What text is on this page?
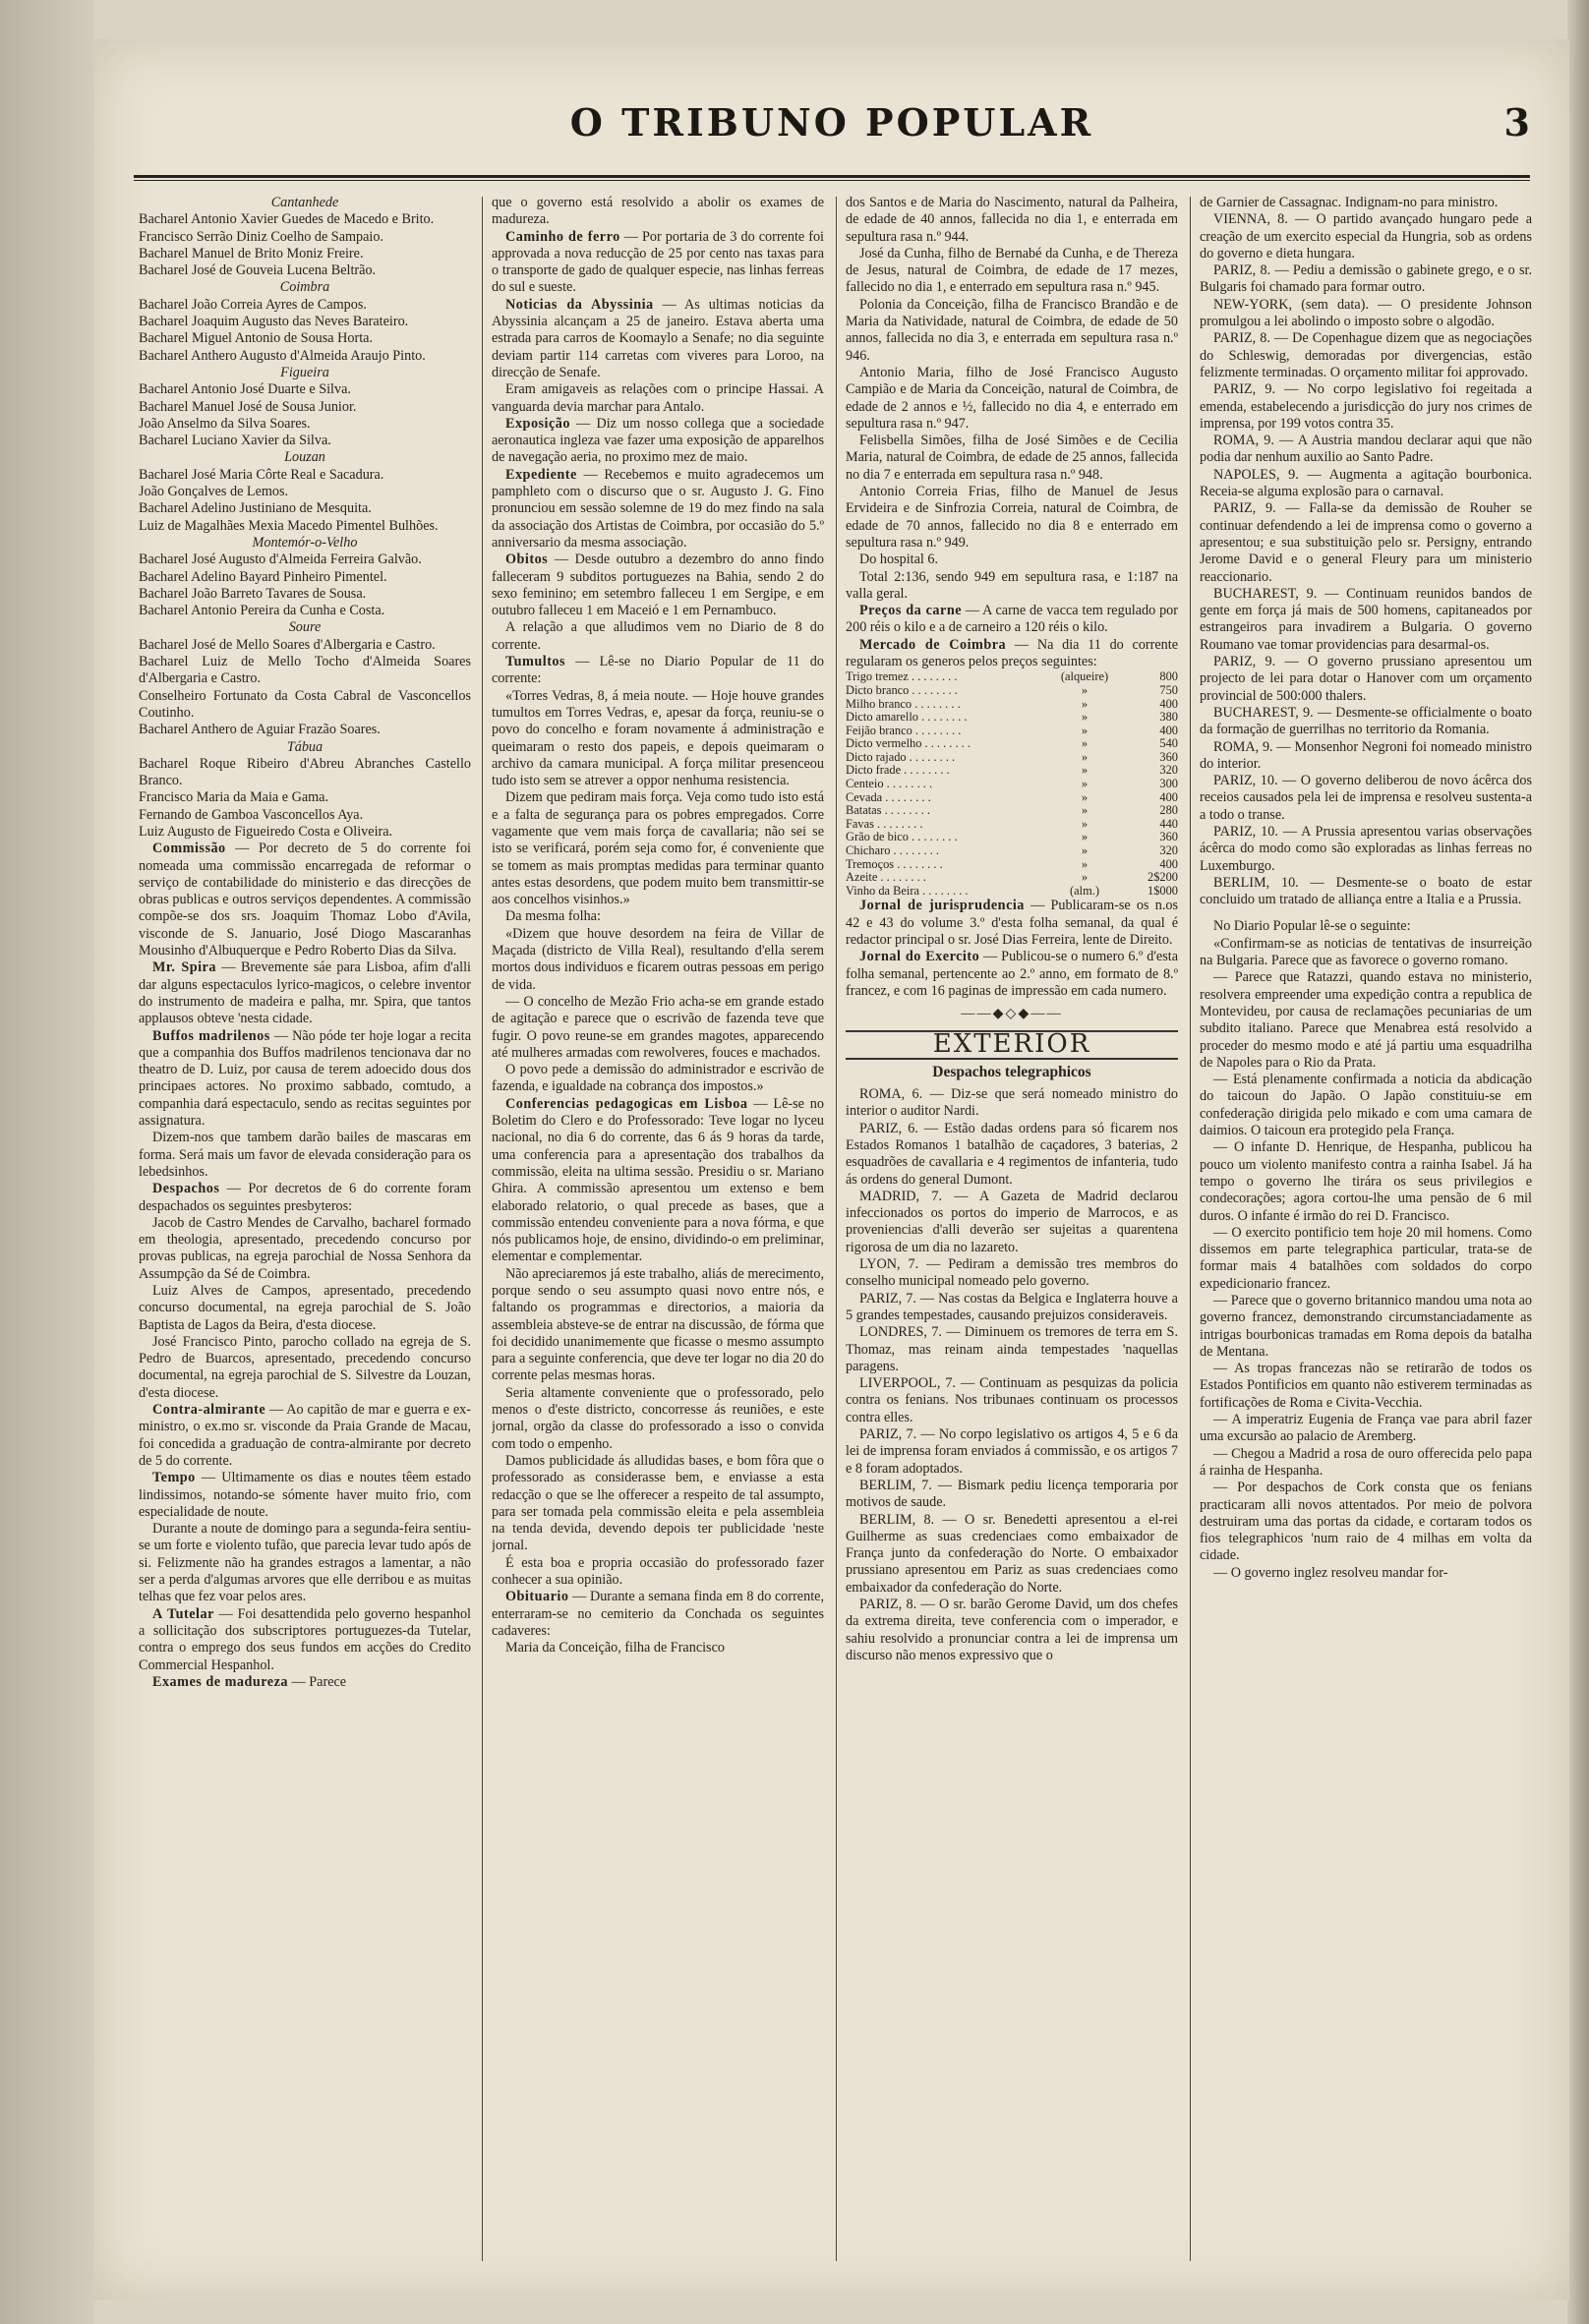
O TRIBUNO POPULAR	3

Cantanhede

Bacharel Antonio Xavier Guedes de Macedo e Brito.

Francisco Serrão Diniz Coelho de Sampaio.

Bacharel Manuel de Brito Moniz Freire.

Bacharel José de Gouveia Lucena Beltrão.

Coimbra

Bacharel João Correia Ayres de Campos.

Bacharel Joaquim Augusto das Neves Barateiro.

Bacharel Miguel Antonio de Sousa Horta.

Bacharel Anthero Augusto d'Almeida Araujo Pinto.

Figueira

Bacharel Antonio José Duarte e Silva.

Bacharel Manuel José de Sousa Junior.

João Anselmo da Silva Soares.

Bacharel Luciano Xavier da Silva.

Louzan

Bacharel José Maria Côrte Real e Sacadura.

João Gonçalves de Lemos.

Bacharel Adelino Justiniano de Mesquita.

Luiz de Magalhães Mexia Macedo Pimentel Bulhões.

Montemór-o-Velho

Bacharel José Augusto d'Almeida Ferreira Galvão.

Bacharel Adelino Bayard Pinheiro Pimentel.

Bacharel João Barreto Tavares de Sousa.

Bacharel Antonio Pereira da Cunha e Costa.

Soure

Bacharel José de Mello Soares d'Albergaria e Castro.

Bacharel Luiz de Mello Tocho d'Almeida Soares d'Albergaria e Castro.

Conselheiro Fortunato da Costa Cabral de Vasconcellos Coutinho.

Bacharel Anthero de Aguiar Frazão Soares.

Tábua

Bacharel Roque Ribeiro d'Abreu Abranches Castello Branco.

Francisco Maria da Maia e Gama.

Fernando de Gamboa Vasconcellos Aya.

Luiz Augusto de Figueiredo Costa e Oliveira.

Commissão — Por decreto de 5 do corrente foi nomeada uma commissão encarregada de reformar o serviço de contabilidade do ministerio e das direcções de obras publicas e outros serviços dependentes. A commissão compõe-se dos srs. Joaquim Thomaz Lobo d'Avila, visconde de S. Januario, José Diogo Mascaranhas Mousinho d'Albuquerque e Pedro Roberto Dias da Silva.

Mr. Spira — Brevemente sáe para Lisboa, afim d'alli dar alguns espectaculos lyrico-magicos, o celebre inventor do instrumento de madeira e palha, mr. Spira, que tantos applausos obteve 'nesta cidade.

Buffos madrilenos — Não póde ter hoje logar a recita que a companhia dos Buffos madrilenos tencionava dar no theatro de D. Luiz, por causa de terem adoecido dous dos principaes actores. No proximo sabbado, comtudo, a companhia dará espectaculo, sendo as recitas seguintes por assignatura.

Dizem-nos que tambem darão bailes de mascaras em forma. Será mais um favor de elevada consideração para os lebedsinhos.

Despachos — Por decretos de 6 do corrente foram despachados os seguintes presbyteros:

Jacob de Castro Mendes de Carvalho, bacharel formado em theologia, apresentado, precedendo concurso por provas publicas, na egreja parochial de Nossa Senhora da Assumpção da Sé de Coimbra.

Luiz Alves de Campos, apresentado, precedendo concurso documental, na egreja parochial de S. João Baptista de Lagos da Beira, d'esta diocese.

José Francisco Pinto, parocho collado na egreja de S. Pedro de Buarcos, apresentado, precedendo concurso documental, na egreja parochial de S. Silvestre da Louzan, d'esta diocese.

Contra-almirante — Ao capitão de mar e guerra e ex-ministro, o ex.mo sr. visconde da Praia Grande de Macau, foi concedida a graduação de contra-almirante por decreto de 5 do corrente.

Tempo — Ultimamente os dias e noutes têem estado lindissimos, notando-se sómente haver muito frio, com especialidade de noute.

Durante a noute de domingo para a segunda-feira sentiu-se um forte e violento tufão, que parecia levar tudo após de si. Felizmente não ha grandes estragos a lamentar, a não ser a perda d'algumas arvores que elle derribou e as muitas telhas que fez voar pelos ares.

A Tutelar — Foi desattendida pelo governo hespanhol a sollicitação dos subscriptores portuguezes-da Tutelar, contra o emprego dos seus fundos em acções do Credito Commercial Hespanhol.

Exames de madureza — Parece

que o governo está resolvido a abolir os exames de madureza.

Caminho de ferro — Por portaria de 3 do corrente foi approvada a nova reducção de 25 por cento nas taxas para o transporte de gado de qualquer especie, nas linhas ferreas do sul e sueste.

Noticias da Abyssinia — As ultimas noticias da Abyssinia alcançam a 25 de janeiro. Estava aberta uma estrada para carros de Koomaylo a Senafe; no dia seguinte deviam partir 114 carretas com viveres para Loroo, na direcção de Senafe.

Eram amigaveis as relações com o principe Hassai. A vanguarda devia marchar para Antalo.

Exposição — Diz um nosso collega que a sociedade aeronautica ingleza vae fazer uma exposição de apparelhos de navegação aeria, no proximo mez de maio.

Expediente — Recebemos e muito agradecemos um pamphleto com o discurso que o sr. Augusto J. G. Fino pronunciou em sessão solemne de 19 do mez findo na sala da associação dos Artistas de Coimbra, por occasião do 5.º anniversario da mesma associação.

Obitos — Desde outubro a dezembro do anno findo falleceram 9 subditos portuguezes na Bahia, sendo 2 do sexo feminino; em setembro falleceu 1 em Sergipe, e em outubro falleceu 1 em Maceió e 1 em Pernambuco.

A relação a que alludimos vem no Diario de 8 do corrente.

Tumultos — Lê-se no Diario Popular de 11 do corrente:

«Torres Vedras, 8, á meia noute. — Hoje houve grandes tumultos em Torres Vedras, e, apesar da força, reuniu-se o povo do concelho e foram novamente á administração e queimaram o resto dos papeis, e depois queimaram o archivo da camara municipal. A força militar presenceou tudo isto sem se atrever a oppor nenhuma resistencia.

Dizem que pediram mais força. Veja como tudo isto está e a falta de segurança para os pobres empregados. Corre vagamente que vem mais força de cavallaria; não sei se isto se verificará, porém seja como for, é conveniente que se tomem as mais promptas medidas para terminar quanto antes estas desordens, que podem muito bem transmittir-se aos concelhos visinhos.»

Da mesma folha:

«Dizem que houve desordem na feira de Villar de Maçada (districto de Villa Real), resultando d'ella serem mortos dous individuos e ficarem outras pessoas em perigo de vida.

— O concelho de Mezão Frio acha-se em grande estado de agitação e parece que o escrivão de fazenda teve que fugir. O povo reune-se em grandes magotes, apparecendo até mulheres armadas com rewolveres, fouces e machados.

O povo pede a demissão do administrador e escrivão de fazenda, e igualdade na cobrança dos impostos.»

Conferencias pedagogicas em Lisboa — Lê-se no Boletim do Clero e do Professorado: Teve logar no lyceu nacional, no dia 6 do corrente, das 6 ás 9 horas da tarde, uma conferencia para a apresentação dos trabalhos da commissão, eleita na ultima sessão. Presidiu o sr. Mariano Ghira. A commissão apresentou um extenso e bem elaborado relatorio, o qual precede as bases, que a commissão entendeu conveniente para a nova fórma, e que nós publicamos hoje, de ensino, dividindo-o em preliminar, elementar e complementar.

Não apreciaremos já este trabalho, aliás de merecimento, porque sendo o seu assumpto quasi novo entre nós, e faltando os programmas e directorios, a maioria da assembleia absteve-se de entrar na discussão, de fórma que foi decidido unanimemente que ficasse o mesmo assumpto para a seguinte conferencia, que deve ter logar no dia 20 do corrente pelas mesmas horas.

Seria altamente conveniente que o professorado, pelo menos o d'este districto, concorresse ás reuniões, e este jornal, orgão da classe do professorado a isso o convida com todo o empenho.

Damos publicidade ás alludidas bases, e bom fôra que o professorado as considerasse bem, e enviasse a esta redacção o que se lhe offerecer a respeito de tal assumpto, para ser tomada pela commissão eleita e pela assembleia na tenda devida, devendo depois ter publicidade 'neste jornal.

É esta boa e propria occasião do professorado fazer conhecer a sua opinião.

Obituario — Durante a semana finda em 8 do corrente, enterraram-se no cemiterio da Conchada os seguintes cadaveres:

Maria da Conceição, filha de Francisco

dos Santos e de Maria do Nascimento, natural da Palheira, de edade de 40 annos, fallecida no dia 1, e enterrada em sepultura rasa n.º 944.

José da Cunha, filho de Bernabé da Cunha, e de Thereza de Jesus, natural de Coimbra, de edade de 17 mezes, fallecido no dia 1, e enterrado em sepultura rasa n.º 945.

Polonia da Conceição, filha de Francisco Brandão e de Maria da Natividade, natural de Coimbra, de edade de 50 annos, fallecida no dia 3, e enterrada em sepultura rasa n.º 946.

Antonio Maria, filho de José Francisco Augusto Campião e de Maria da Conceição, natural de Coimbra, de edade de 2 annos e ½, fallecido no dia 4, e enterrado em sepultura rasa n.º 947.

Felisbella Simões, filha de José Simões e de Cecilia Maria, natural de Coimbra, de edade de 25 annos, fallecida no dia 7 e enterrada em sepultura rasa n.º 948.

Antonio Correia Frias, filho de Manuel de Jesus Ervideira e de Sinfrozia Correia, natural de Coimbra, de edade de 70 annos, fallecido no dia 8 e enterrado em sepultura rasa n.º 949.

Do hospital 6.

Total 2:136, sendo 949 em sepultura rasa, e 1:187 na valla geral.

Preços da carne — A carne de vacca tem regulado por 200 réis o kilo e a de carneiro a 120 réis o kilo.

Mercado de Coimbra — Na dia 11 do corrente regularam os generos pelos preços seguintes:

Trigo tremez . . . . . . . .	(alqueire)	800
Dicto branco . . . . . . . .	»	750
Milho branco . . . . . . . .	»	400
Dicto amarello . . . . . . . .	»	380
Feijão branco . . . . . . . .	»	400
Dicto vermelho . . . . . . . .	»	540
Dicto rajado . . . . . . . .	»	360
Dicto frade . . . . . . . .	»	320
Centeio . . . . . . . .	»	300
Cevada . . . . . . . .	»	400
Batatas . . . . . . . .	»	280
Favas . . . . . . . .	»	440
Grão de bico . . . . . . . .	»	360
Chicharo . . . . . . . .	»	320
Tremoços . . . . . . . .	»	400
Azeite . . . . . . . .	»	2$200
Vinho da Beira . . . . . . . .	(alm.)	1$000

Jornal de jurisprudencia — Publicaram-se os n.os 42 e 43 do volume 3.º d'esta folha semanal, da qual é redactor principal o sr. José Dias Ferreira, lente de Direito.

Jornal do Exercito — Publicou-se o numero 6.º d'esta folha semanal, pertencente ao 2.º anno, em formato de 8.º francez, e com 16 paginas de impressão em cada numero.

——◆◇◆——
EXTERIOR
Despachos telegraphicos

ROMA, 6. — Diz-se que será nomeado ministro do interior o auditor Nardi.

PARIZ, 6. — Estão dadas ordens para só ficarem nos Estados Romanos 1 batalhão de caçadores, 3 baterias, 2 esquadrões de cavallaria e 4 regimentos de infanteria, tudo ás ordens do general Dumont.

MADRID, 7. — A Gazeta de Madrid declarou infeccionados os portos do imperio de Marrocos, e as proveniencias d'alli deverão ser sujeitas a quarentena rigorosa de um dia no lazareto.

LYON, 7. — Pediram a demissão tres membros do conselho municipal nomeado pelo governo.

PARIZ, 7. — Nas costas da Belgica e Inglaterra houve a 5 grandes tempestades, causando prejuizos consideraveis.

LONDRES, 7. — Diminuem os tremores de terra em S. Thomaz, mas reinam ainda tempestades 'naquellas paragens.

LIVERPOOL, 7. — Continuam as pesquizas da policia contra os fenians. Nos tribunaes continuam os processos contra elles.

PARIZ, 7. — No corpo legislativo os artigos 4, 5 e 6 da lei de imprensa foram enviados á commissão, e os artigos 7 e 8 foram adoptados.

BERLIM, 7. — Bismark pediu licença temporaria por motivos de saude.

BERLIM, 8. — O sr. Benedetti apresentou a el-rei Guilherme as suas credenciaes como embaixador de França junto da confederação do Norte. O embaixador prussiano apresentou em Pariz as suas credenciaes como embaixador da confederação do Norte.

PARIZ, 8. — O sr. barão Gerome David, um dos chefes da extrema direita, teve conferencia com o imperador, e sahiu resolvido a pronunciar contra a lei de imprensa um discurso não menos expressivo que o

de Garnier de Cassagnac. Indignam-no para ministro.

VIENNA, 8. — O partido avançado hungaro pede a creação de um exercito especial da Hungria, sob as ordens do governo e dieta hungara.

PARIZ, 8. — Pediu a demissão o gabinete grego, e o sr. Bulgaris foi chamado para formar outro.

NEW-YORK, (sem data). — O presidente Johnson promulgou a lei abolindo o imposto sobre o algodão.

PARIZ, 8. — De Copenhague dizem que as negociações do Schleswig, demoradas por divergencias, estão felizmente terminadas. O orçamento militar foi approvado.

PARIZ, 9. — No corpo legislativo foi regeitada a emenda, estabelecendo a jurisdicção do jury nos crimes de imprensa, por 199 votos contra 35.

ROMA, 9. — A Austria mandou declarar aqui que não podia dar nenhum auxilio ao Santo Padre.

NAPOLES, 9. — Augmenta a agitação bourbonica. Receia-se alguma explosão para o carnaval.

PARIZ, 9. — Falla-se da demissão de Rouher se continuar defendendo a lei de imprensa como o governo a apresentou; e sua substituição pelo sr. Persigny, entrando Jerome David e o general Fleury para um ministerio reaccionario.

BUCHAREST, 9. — Continuam reunidos bandos de gente em força já mais de 500 homens, capitaneados por estrangeiros para invadirem a Bulgaria. O governo Roumano vae tomar providencias para desarmal-os.

PARIZ, 9. — O governo prussiano apresentou um projecto de lei para dotar o Hanover com um orçamento provincial de 500:000 thalers.

BUCHAREST, 9. — Desmente-se officialmente o boato da formação de guerrilhas no territorio da Romania.

ROMA, 9. — Monsenhor Negroni foi nomeado ministro do interior.

PARIZ, 10. — O governo deliberou de novo ácêrca dos receios causados pela lei de imprensa e resolveu sustenta-a a todo o transe.

PARIZ, 10. — A Prussia apresentou varias observações ácêrca do modo como são exploradas as linhas ferreas no Luxemburgo.

BERLIM, 10. — Desmente-se o boato de estar concluido um tratado de alliança entre a Italia e a Prussia.

No Diario Popular lê-se o seguinte:

«Confirmam-se as noticias de tentativas de insurreição na Bulgaria. Parece que as favorece o governo romano.

— Parece que Ratazzi, quando estava no ministerio, resolvera empreender uma expedição contra a republica de Montevideu, por causa de reclamações pecuniarias de um subdito italiano. Parece que Menabrea está resolvido a proceder do mesmo modo e até já partiu uma esquadrilha de Napoles para o Rio da Prata.

— Está plenamente confirmada a noticia da abdicação do taicoun do Japão. O Japão constituiu-se em confederação dirigida pelo mikado e com uma camara de daimios. O taicoun era protegido pela França.

— O infante D. Henrique, de Hespanha, publicou ha pouco um violento manifesto contra a rainha Isabel. Já ha tempo o governo lhe tirára os seus privilegios e condecorações; agora cortou-lhe uma pensão de 6 mil duros. O infante é irmão do rei D. Francisco.

— O exercito pontificio tem hoje 20 mil homens. Como dissemos em parte telegraphica particular, trata-se de formar mais 4 batalhões com soldados do corpo expedicionario francez.

— Parece que o governo britannico mandou uma nota ao governo francez, demonstrando circumstanciadamente as intrigas bourbonicas tramadas em Roma depois da batalha de Mentana.

— As tropas francezas não se retirarão de todos os Estados Pontificios em quanto não estiverem terminadas as fortificações de Roma e Civita-Vecchia.

— A imperatriz Eugenia de França vae para abril fazer uma excursão ao palacio de Aremberg.

— Chegou a Madrid a rosa de ouro offerecida pelo papa á rainha de Hespanha.

— Por despachos de Cork consta que os fenians practicaram alli novos attentados. Por meio de polvora destruiram uma das portas da cidade, e cortaram todos os fios telegraphicos 'num raio de 4 milhas em volta da cidade.

— O governo inglez resolveu mandar for-
